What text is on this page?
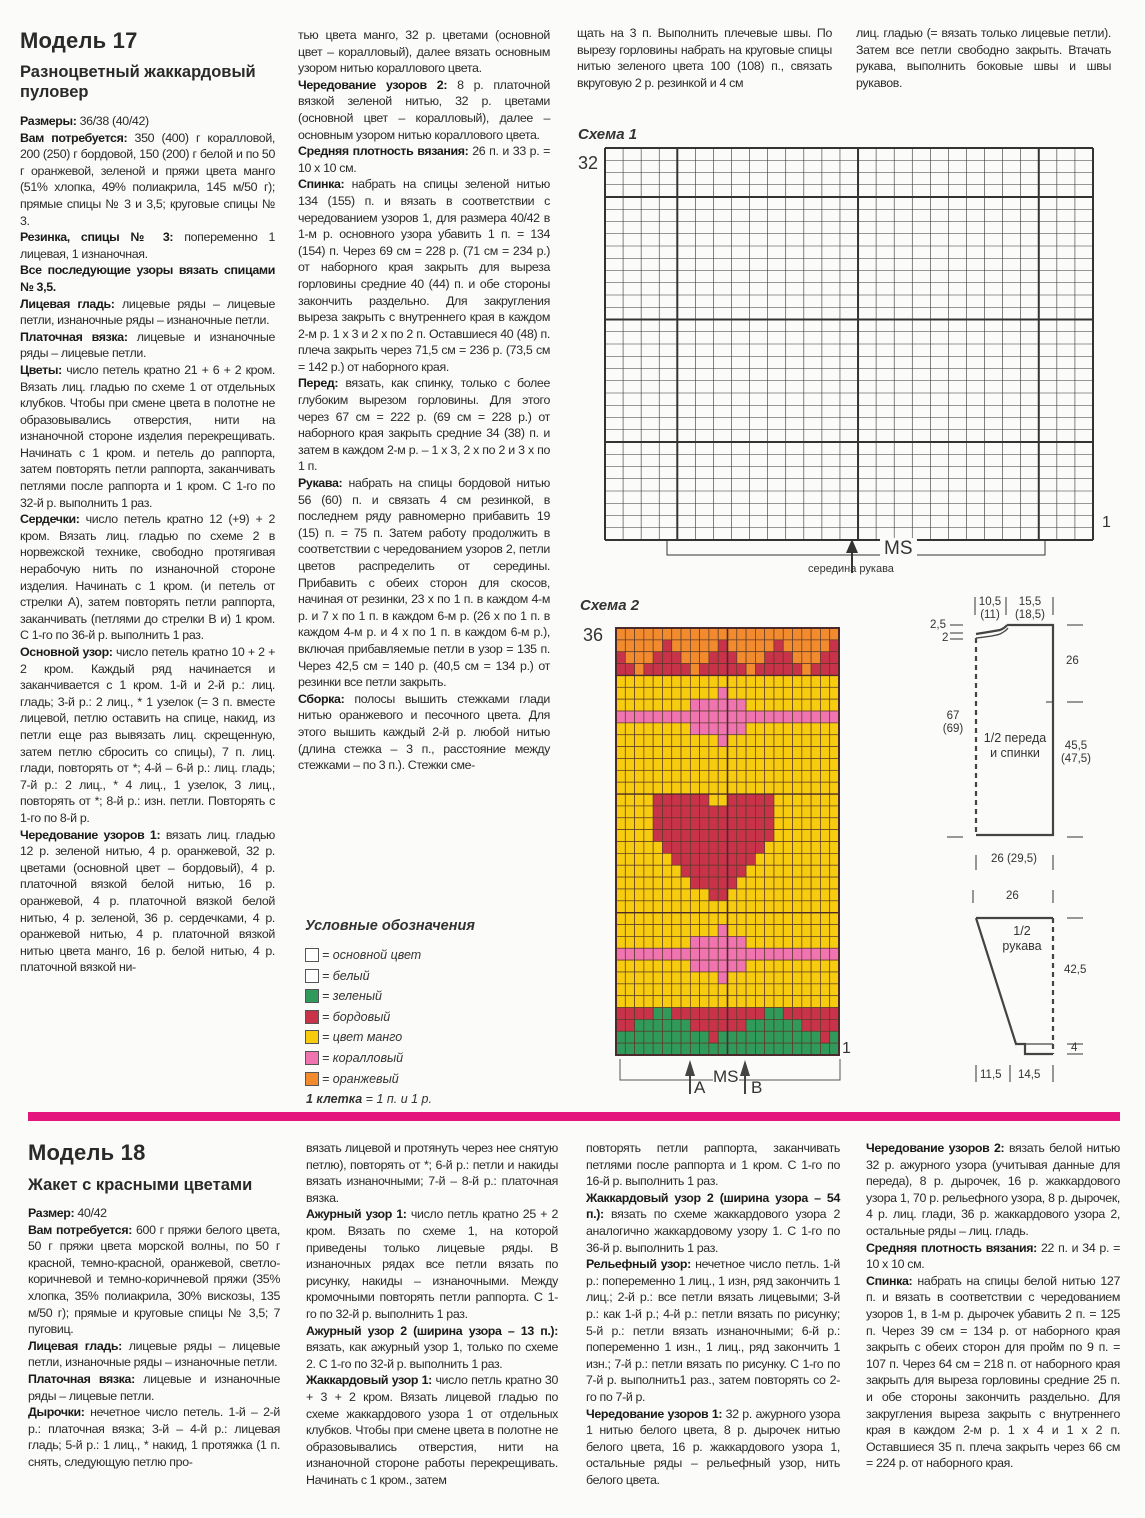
Модель 17
Разноцветный жаккардовый пуловер

Размеры: 36/38 (40/42)

Вам потребуется: 350 (400) г коралловой, 200 (250) г бордовой, 150 (200) г белой и по 50 г оранжевой, зеленой и пряжи цвета манго (51% хлопка, 49% полиакрила, 145 м/50 г); прямые спицы № 3 и 3,5; круговые спицы № 3.

Резинка, спицы № 3: попеременно 1 лицевая, 1 изнаночная.

Все последующие узоры вязать спицами № 3,5.

Лицевая гладь: лицевые ряды – лицевые петли, изнаночные ряды – изнаночные петли.

Платочная вязка: лицевые и изнаночные ряды – лицевые петли.

Цветы: число петель кратно 21 + 6 + 2 кром. Вязать лиц. гладью по схеме 1 от отдельных клубков. Чтобы при смене цвета в полотне не образовывались отверстия, нити на изнаночной стороне изделия перекрещивать. Начинать с 1 кром. и петель до раппорта, затем повторять петли раппорта, заканчивать петлями после раппорта и 1 кром. С 1-го по 32-й р. выполнить 1 раз.

Сердечки: число петель кратно 12 (+9) + 2 кром. Вязать лиц. гладью по схеме 2 в норвежской технике, свободно протягивая нерабочую нить по изнаночной стороне изделия. Начинать с 1 кром. (и петель от стрелки А), затем повторять петли раппорта, заканчивать (петлями до стрелки В и) 1 кром. С 1-го по 36-й р. выполнить 1 раз.

Основной узор: число петель кратно 10 + 2 + 2 кром. Каждый ряд начинается и заканчивается с 1 кром. 1-й и 2-й р.: лиц. гладь; 3-й р.: 2 лиц., * 1 узелок (= 3 п. вместе лицевой, петлю оставить на спице, накид, из петли еще раз вывязать лиц. скрещенную, затем петлю сбросить со спицы), 7 п. лиц. глади, повторять от *; 4-й – 6-й р.: лиц. гладь; 7-й р.: 2 лиц., * 4 лиц., 1 узелок, 3 лиц., повторять от *; 8-й р.: изн. петли. Повторять с 1-го по 8-й р.

Чередование узоров 1: вязать лиц. гладью 12 р. зеленой нитью, 4 р. оранжевой, 32 р. цветами (основной цвет – бордовый), 4 р. платочной вязкой белой нитью, 16 р. оранжевой, 4 р. платочной вязкой белой нитью, 4 р. зеленой, 36 р. сердечками, 4 р. оранжевой нитью, 4 р. платочной вязкой нитью цвета манго, 16 р. белой нитью, 4 р. платочной вязкой ни-

тью цвета манго, 32 р. цветами (основной цвет – коралловый), далее вязать основным узором нитью кораллового цвета.

Чередование узоров 2: 8 р. платочной вязкой зеленой нитью, 32 р. цветами (основной цвет – коралловый), далее – основным узором нитью кораллового цвета.

Средняя плотность вязания: 26 п. и 33 р. = 10 х 10 см.

Спинка: набрать на спицы зеленой нитью 134 (155) п. и вязать в соответствии с чередованием узоров 1, для размера 40/42 в 1-м р. основного узора убавить 1 п. = 134 (154) п. Через 69 см = 228 р. (71 см = 234 р.) от наборного края закрыть для выреза горловины средние 40 (44) п. и обе стороны закончить раздельно. Для закругления выреза закрыть с внутреннего края в каждом 2-м р. 1 х 3 и 2 х по 2 п. Оставшиеся 40 (48) п. плеча закрыть через 71,5 см = 236 р. (73,5 см = 142 р.) от наборного края.

Перед: вязать, как спинку, только с более глубоким вырезом горловины. Для этого через 67 см = 222 р. (69 см = 228 р.) от наборного края закрыть средние 34 (38) п. и затем в каждом 2-м р. – 1 х 3, 2 х по 2 и 3 х по 1 п.

Рукава: набрать на спицы бордовой нитью 56 (60) п. и связать 4 см резинкой, в последнем ряду равномерно прибавить 19 (15) п. = 75 п. Затем работу продолжить в соответствии с чередованием узоров 2, петли цветов распределить от середины. Прибавить с обеих сторон для скосов, начиная от резинки, 23 х по 1 п. в каждом 4-м р. и 7 х по 1 п. в каждом 6-м р. (26 х по 1 п. в каждом 4-м р. и 4 х по 1 п. в каждом 6-м р.), включая прибавляемые петли в узор = 135 п. Через 42,5 см = 140 р. (40,5 см = 134 р.) от резинки все петли закрыть.

Сборка: полосы вышить стежками глади нитью оранжевого и песочного цвета. Для этого вышить каждый 2-й р. любой нитью (длина стежка – 3 п., расстояние между стежками – по 3 п.). Стежки сме-

щать на 3 п. Выполнить плечевые швы. По вырезу горловины набрать на круговые спицы нитью зеленого цвета 100 (108) п., связать вкруговую 2 р. резинкой и 4 см

лиц. гладью (= вязать только лицевые петли). Затем все петли свободно закрыть. Втачать рукава, выполнить боковые швы и швы рукавов.

Схема 1
32
1
MS
середина рукава
Схема 2
36
1
MS
A	B
Условные обозначения
= основной цвет
= белый
= зеленый
= бордовый
= цвет манго
= коралловый
= оранжевый
1 клетка = 1 п. и 1 р.
10,5
(11)
15,5
(18,5)
2,5
2
26
67
(69)
1/2 переда
и спинки	45,5
(47,5)
26 (29,5)
26
1/2
рукава
42,5
4
11,5 14,5
Модель 18
Жакет с красными цветами

Размер: 40/42

Вам потребуется: 600 г пряжи белого цвета, 50 г пряжи цвета морской волны, по 50 г красной, темно-красной, оранжевой, светло-коричневой и темно-коричневой пряжи (35% хлопка, 35% полиакрила, 30% вискозы, 135 м/50 г); прямые и круговые спицы № 3,5; 7 пуговиц.

Лицевая гладь: лицевые ряды – лицевые петли, изнаночные ряды – изнаночные петли.

Платочная вязка: лицевые и изнаночные ряды – лицевые петли.

Дырочки: нечетное число петель. 1-й – 2-й р.: платочная вязка; 3-й – 4-й р.: лицевая гладь; 5-й р.: 1 лиц., * накид, 1 протяжка (1 п. снять, следующую петлю про-

вязать лицевой и протянуть через нее снятую петлю), повторять от *; 6-й р.: петли и накиды вязать изнаночными; 7-й – 8-й р.: платочная вязка.

Ажурный узор 1: число петль кратно 25 + 2 кром. Вязать по схеме 1, на которой приведены только лицевые ряды. В изнаночных рядах все петли вязать по рисунку, накиды – изнаночными. Между кромочными повторять петли раппорта. С 1-го по 32-й р. выполнить 1 раз.

Ажурный узор 2 (ширина узора – 13 п.): вязать, как ажурный узор 1, только по схеме 2. С 1-го по 32-й р. выполнить 1 раз.

Жаккардовый узор 1: число петль кратно 30 + 3 + 2 кром. Вязать лицевой гладью по схеме жаккардового узора 1 от отдельных клубков. Чтобы при смене цвета в полотне не образовывались отверстия, нити на изнаночной стороне работы перекрещивать. Начинать с 1 кром., затем

повторять петли раппорта, заканчивать петлями после раппорта и 1 кром. С 1-го по 16-й р. выполнить 1 раз.

Жаккардовый узор 2 (ширина узора – 54 п.): вязать по схеме жаккардового узора 2 аналогично жаккардовому узору 1. С 1-го по 36-й р. выполнить 1 раз.

Рельефный узор: нечетное число петль. 1-й р.: попеременно 1 лиц., 1 изн, ряд закончить 1 лиц.; 2-й р.: все петли вязать лицевыми; 3-й р.: как 1-й р.; 4-й р.: петли вязать по рисунку; 5-й р.: петли вязать изнаночными; 6-й р.: попеременно 1 изн., 1 лиц., ряд закончить 1 изн.; 7-й р.: петли вязать по рисунку. С 1-го по 7-й р. выполнить1 раз., затем повторять со 2-го по 7-й р.

Чередование узоров 1: 32 р. ажурного узора 1 нитью белого цвета, 8 р. дырочек нитью белого цвета, 16 р. жаккардового узора 1, остальные ряды – рельефный узор, нить белого цвета.

Чередование узоров 2: вязать белой нитью 32 р. ажурного узора (учитывая данные для переда), 8 р. дырочек, 16 р. жаккардового узора 1, 70 р. рельефного узора, 8 р. дырочек, 4 р. лиц. глади, 36 р. жаккардового узора 2, остальные ряды – лиц. гладь.

Средняя плотность вязания: 22 п. и 34 р. = 10 х 10 см.

Спинка: набрать на спицы белой нитью 127 п. и вязать в соответствии с чередованием узоров 1, в 1-м р. дырочек убавить 2 п. = 125 п. Через 39 см = 134 р. от наборного края закрыть с обеих сторон для пройм по 9 п. = 107 п. Через 64 см = 218 п. от наборного края закрыть для выреза горловины средние 25 п. и обе стороны закончить раздельно. Для закругления выреза закрыть с внутреннего края в каждом 2-м р. 1 х 4 и 1 х 2 п. Оставшиеся 35 п. плеча закрыть через 66 см = 224 р. от наборного края.
